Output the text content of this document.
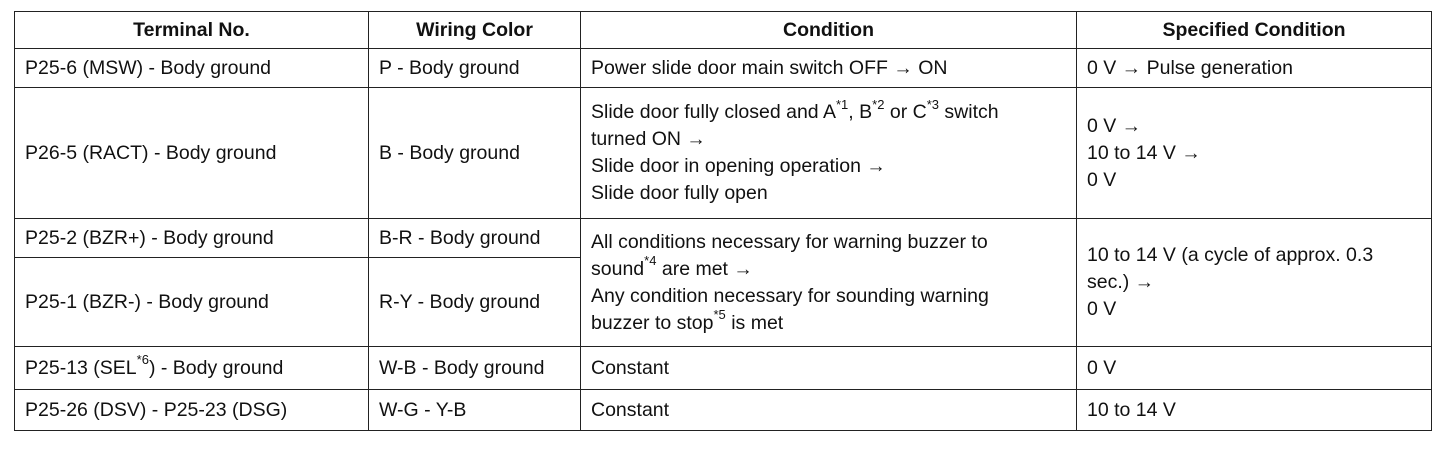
Terminal No.	Wiring Color	Condition	Specified Condition
P25-6 (MSW) - Body ground	P - Body ground	Power slide door main switch OFF → ON	0 V → Pulse generation
P26-5 (RACT) - Body ground	B - Body ground	Slide door fully closed and $A^{*1}$, $B^{*2}$ or $C^{*3}$ switch
turned ON →
Slide door in opening operation →
Slide door fully open	0 V →
10 to 14 V →
0 V

P25-2 (BZR+) - Body ground	B-R - Body ground	All conditions necessary for warning buzzer to
sound$^{*4}$ are met →
Any condition necessary for sounding warning
buzzer to stop$^{*5}$ is met	10 to 14 V (a cycle of approx. 0.3
sec.) →
0 V

P25-1 (BZR-) - Body ground	R-Y - Body ground		
P25-13 (SEL$^{*6}$) - Body ground	W-B - Body ground	Constant	0 V
P25-26 (DSV) - P25-23 (DSG)	W-G - Y-B	Constant	10 to 14 V
